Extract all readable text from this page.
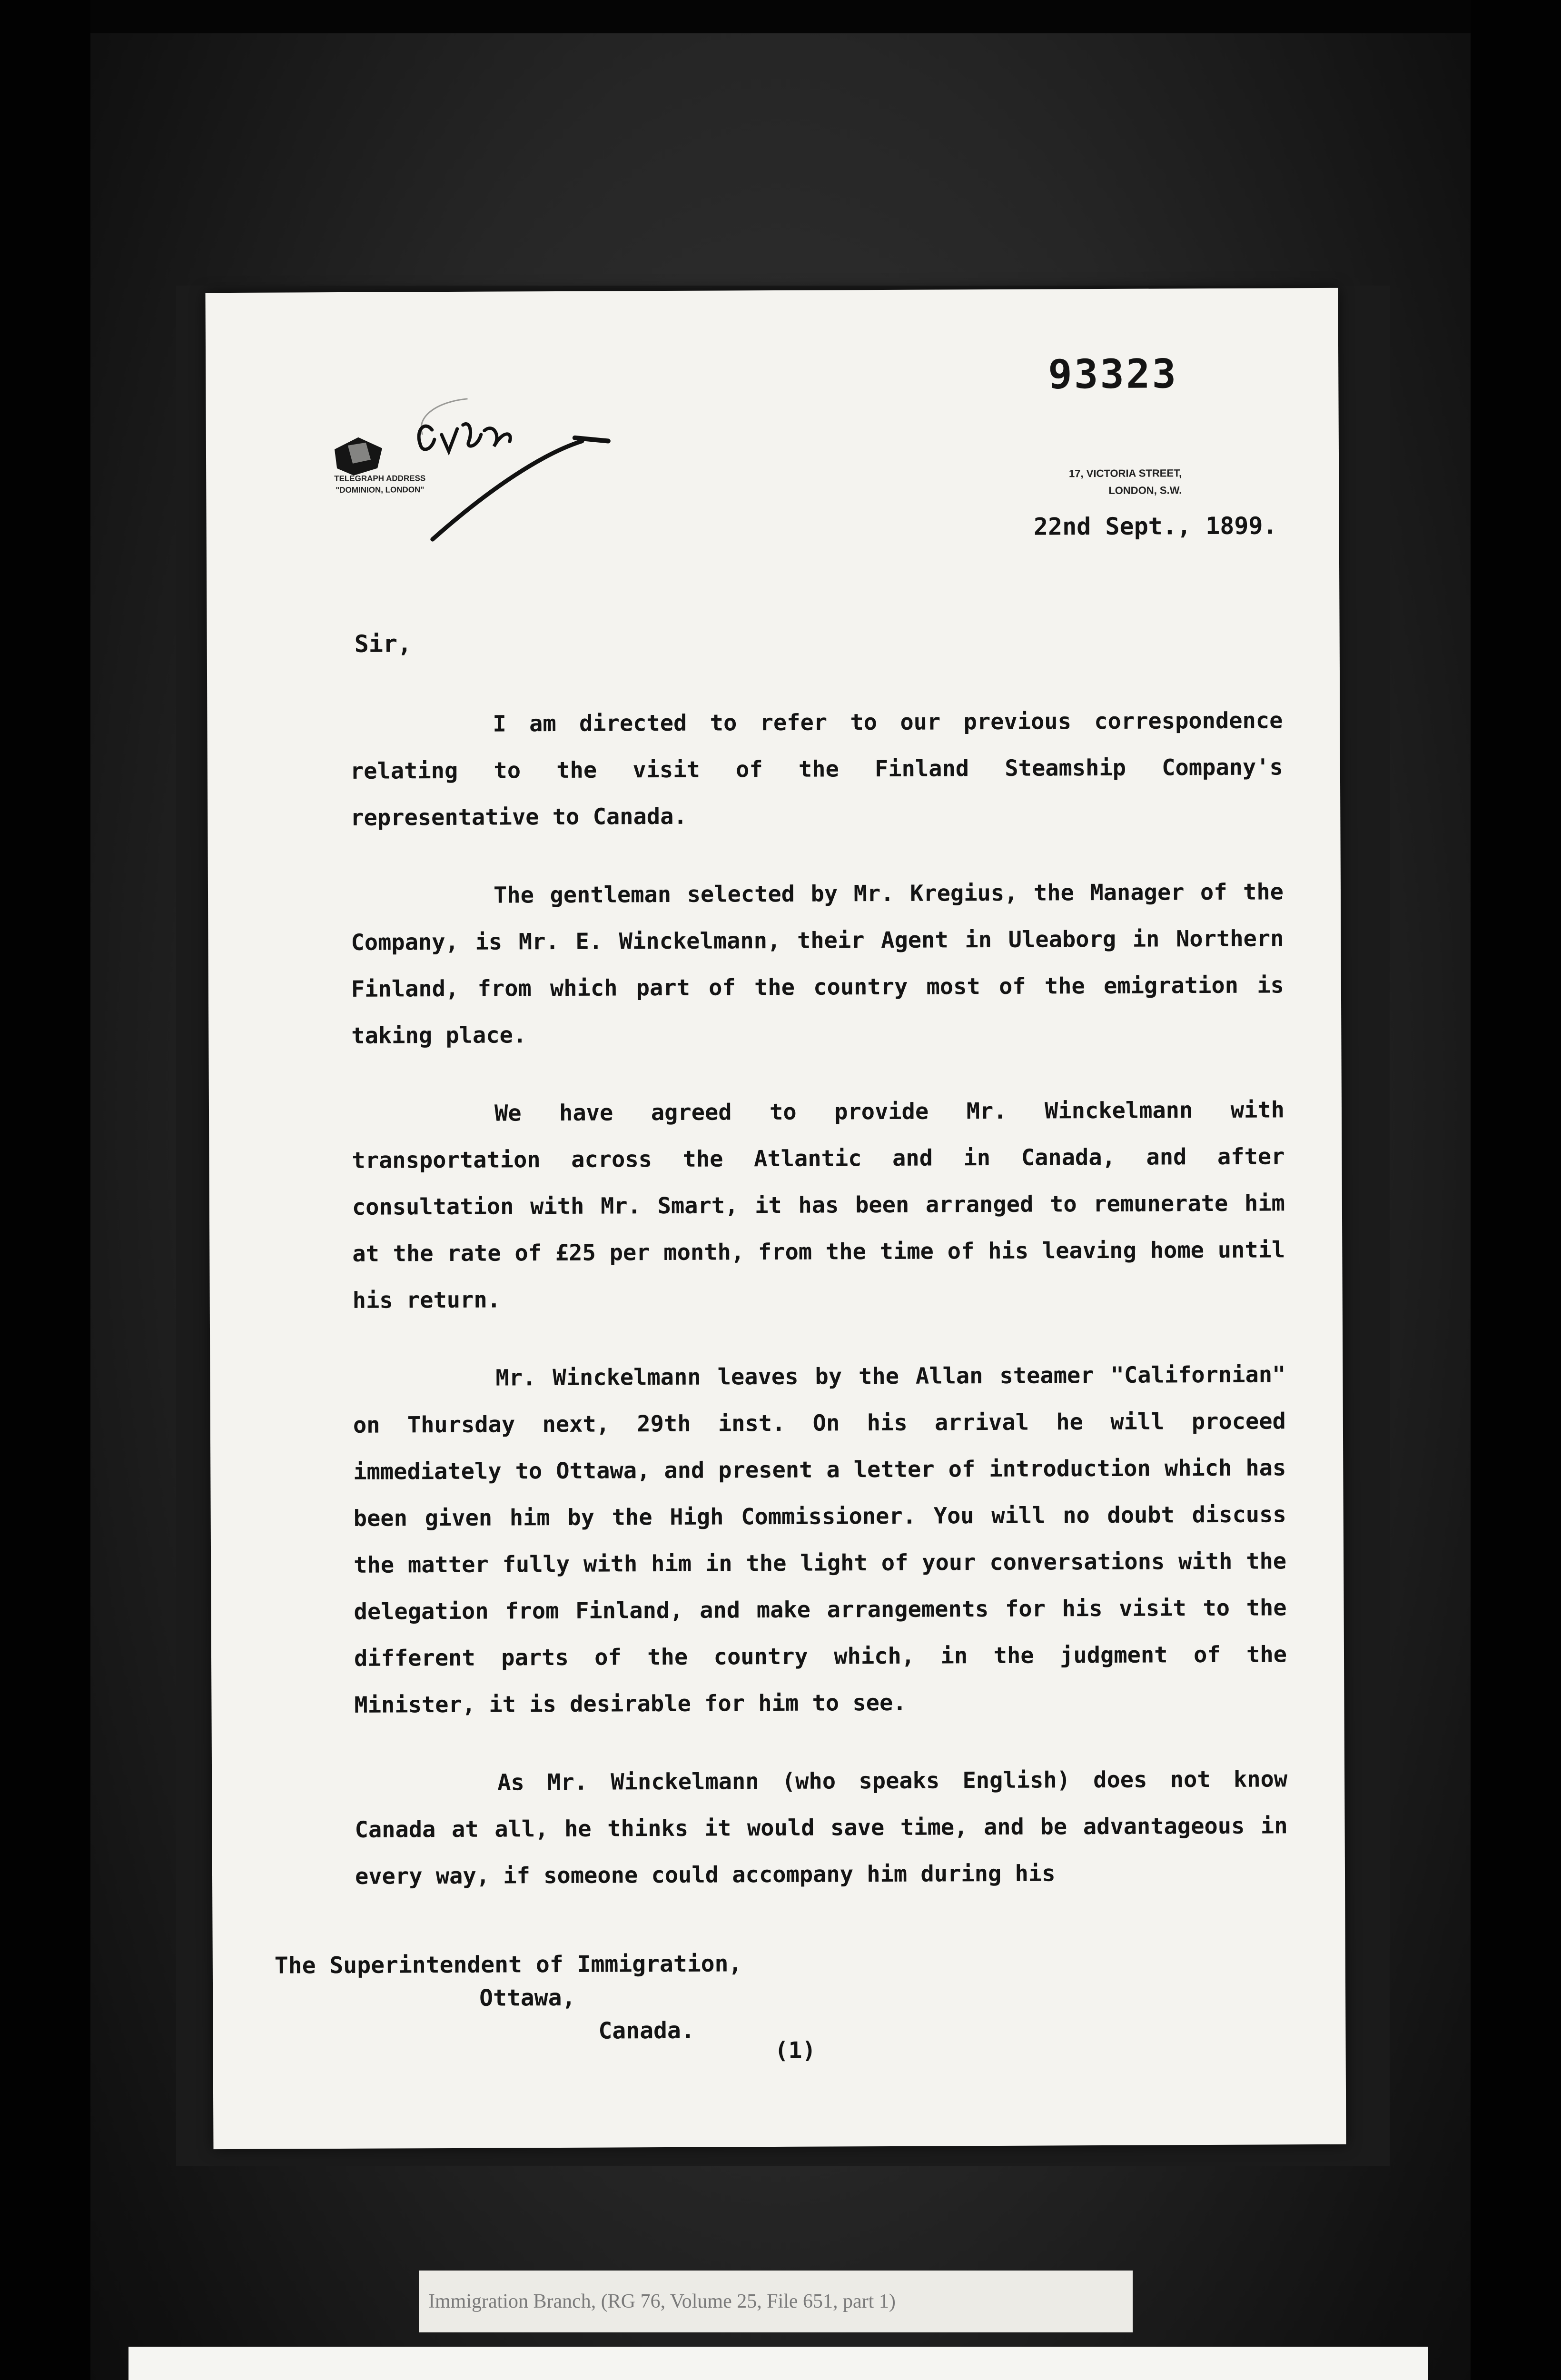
93323
TELEGRAPH ADDRESS
"DOMINION, LONDON"
17, VICTORIA STREET,
LONDON, S.W.
22nd Sept., 1899.
Sir,

I am directed to refer to our previous correspondence relating to the visit of the Finland Steamship Company's representative to Canada.

The gentleman selected by Mr. Kregius, the Manager of the Company, is Mr. E. Winckelmann, their Agent in Uleaborg in Northern Finland, from which part of the country most of the emigration is taking place.

We have agreed to provide Mr. Winckelmann with transportation across the Atlantic and in Canada, and after consultation with Mr. Smart, it has been arranged to remunerate him at the rate of £25 per month, from the time of his leaving home until his return.

Mr. Winckelmann leaves by the Allan steamer "Californian" on Thursday next, 29th inst. On his arrival he will proceed immediately to Ottawa, and present a letter of introduction which has been given him by the High Commissioner. You will no doubt discuss the matter fully with him in the light of your conversations with the delegation from Finland, and make arrangements for his visit to the different parts of the country which, in the judgment of the Minister, it is desirable for him to see.

As Mr. Winckelmann (who speaks English) does not know Canada at all, he thinks it would save time, and be advantageous in every way, if someone could accompany him during his

The Superintendent of Immigration,
Ottawa,
Canada.
(1)
Immigration Branch, (RG 76, Volume 25, File 651, part 1)
